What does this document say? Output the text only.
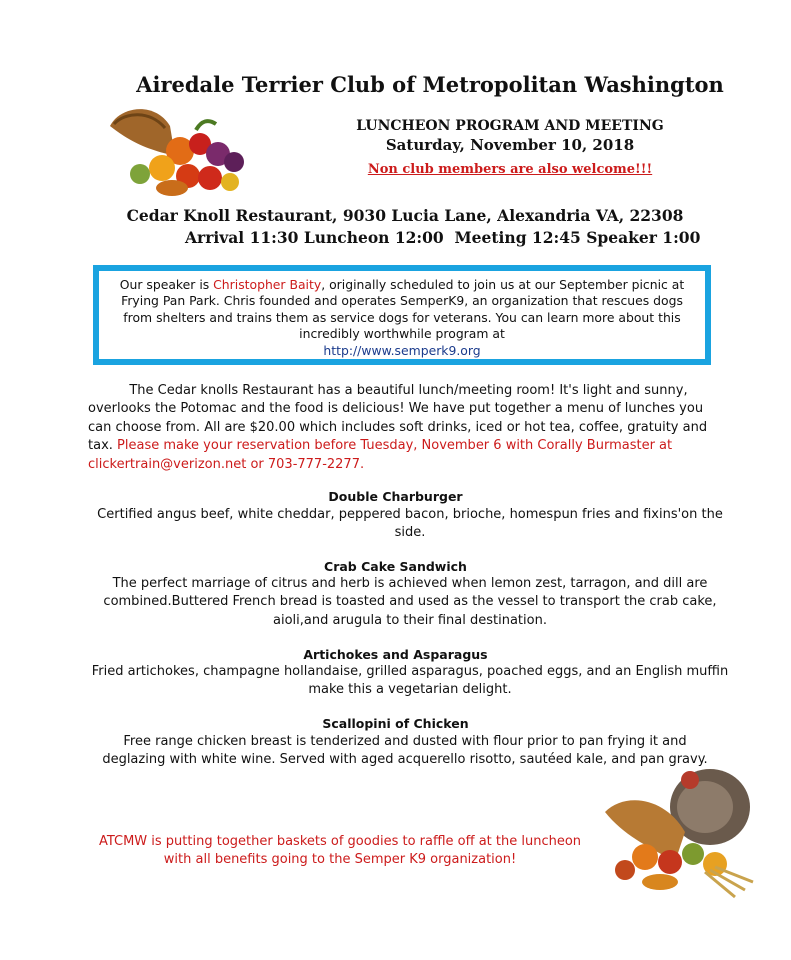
Airedale Terrier Club of Metropolitan Washington
LUNCHEON PROGRAM AND MEETING
Saturday, November 10, 2018
Non club members are also welcome!!!
Cedar Knoll Restaurant, 9030 Lucia Lane, Alexandria VA, 22308
Arrival 11:30 Luncheon 12:00  Meeting 12:45 Speaker 1:00
Our speaker is Christopher Baity, originally scheduled to join us at our September picnic at Frying Pan Park. Chris founded and operates SemperK9, an organization that rescues dogs from shelters and trains them as service dogs for veterans. You can learn more about this incredibly worthwhile program at
http://www.semperk9.org
The Cedar knolls Restaurant has a beautiful lunch/meeting room! It's light and sunny, overlooks the Potomac and the food is delicious! We have put together a menu of lunches you can choose from. All are $20.00 which includes soft drinks, iced or hot tea, coffee, gratuity and tax. Please make your reservation before Tuesday, November 6 with Corally Burmaster at clickertrain@verizon.net or 703-777-2277.
Double Charburger
Certified angus beef, white cheddar, peppered bacon, brioche, homespun fries and fixins'on the side.
Crab Cake Sandwich
The perfect marriage of citrus and herb is achieved when lemon zest, tarragon, and dill are combined.Buttered French bread is toasted and used as the vessel to transport the crab cake, aioli,and arugula to their final destination.
Artichokes and Asparagus
Fried artichokes, champagne hollandaise, grilled asparagus, poached eggs, and an English muffin make this a vegetarian delight.
Scallopini of Chicken
Free range chicken breast is tenderized and dusted with flour prior to pan frying it and deglazing with white wine. Served with aged acquerello risotto, sautéed kale, and pan gravy.
ATCMW is putting together baskets of goodies to raffle off at the luncheon with all benefits going to the Semper K9 organization!
